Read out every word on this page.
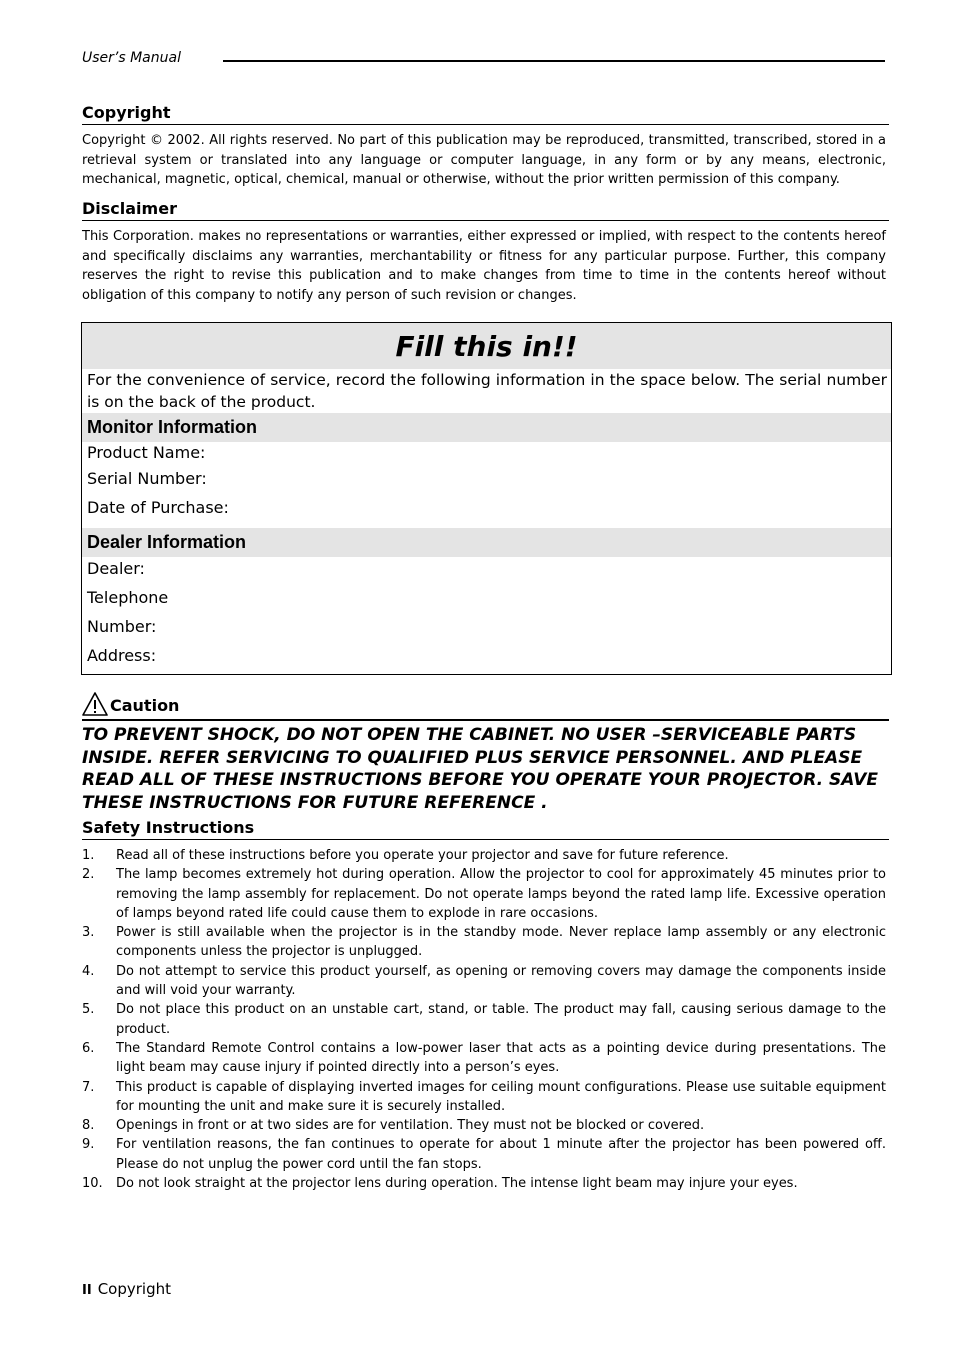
User’s Manual
Copyright
Copyright © 2002. All rights reserved. No part of this publication may be reproduced, transmitted, transcribed, stored in a retrieval system or translated into any language or computer language, in any form or by any means, electronic, mechanical, magnetic, optical, chemical, manual or otherwise, without the prior written permission of this company.
Disclaimer
This Corporation. makes no representations or warranties, either expressed or implied, with respect to the contents hereof and specifically disclaims any warranties, merchantability or fitness for any particular purpose. Further, this company reserves the right to revise this publication and to make changes from time to time in the contents hereof without obligation of this company to notify any person of such revision or changes.
Fill this in!!
For the convenience of service, record the following information in the space below. The serial number is on the back of the product.
Monitor Information
Product Name:
Serial Number:
Date of Purchase:
Dealer Information
Dealer:
Telephone
Number:
Address:
Caution
TO PREVENT SHOCK, DO NOT OPEN THE CABINET. NO USER –SERVICEABLE PARTS INSIDE. REFER SERVICING TO QUALIFIED PLUS SERVICE PERSONNEL. AND PLEASE READ ALL OF THESE INSTRUCTIONS BEFORE YOU OPERATE YOUR PROJECTOR. SAVE THESE INSTRUCTIONS FOR FUTURE REFERENCE .
Safety Instructions
1. Read all of these instructions before you operate your projector and save for future reference.
2. The lamp becomes extremely hot during operation. Allow the projector to cool for approximately 45 minutes prior to removing the lamp assembly for replacement. Do not operate lamps beyond the rated lamp life. Excessive operation of lamps beyond rated life could cause them to explode in rare occasions.
3. Power is still available when the projector is in the standby mode. Never replace lamp assembly or any electronic components unless the projector is unplugged.
4. Do not attempt to service this product yourself, as opening or removing covers may damage the components inside and will void your warranty.
5. Do not place this product on an unstable cart, stand, or table. The product may fall, causing serious damage to the product.
6. The Standard Remote Control contains a low-power laser that acts as a pointing device during presentations. The light beam may cause injury if pointed directly into a person’s eyes.
7. This product is capable of displaying inverted images for ceiling mount configurations. Please use suitable equipment for mounting the unit and make sure it is securely installed.
8. Openings in front or at two sides are for ventilation. They must not be blocked or covered.
9. For ventilation reasons, the fan continues to operate for about 1 minute after the projector has been powered off. Please do not unplug the power cord until the fan stops.
10. Do not look straight at the projector lens during operation. The intense light beam may injure your eyes.
II Copyright
